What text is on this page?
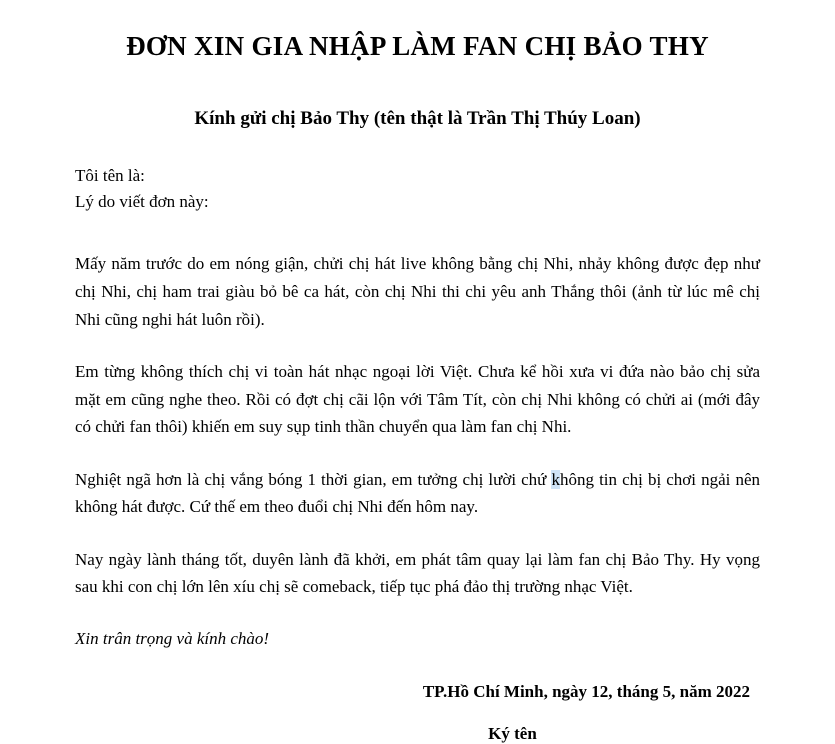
ĐƠN XIN GIA NHẬP LÀM FAN CHỊ BẢO THY
Kính gửi chị Bảo Thy (tên thật là Trần Thị Thúy Loan)

Tôi tên là:

Lý do viết đơn này:

Mấy năm trước do em nóng giận, chửi chị hát live không bằng chị Nhi, nhảy không được đẹp như chị Nhi, chị ham trai giàu bỏ bê ca hát, còn chị Nhi thi chi yêu anh Thắng thôi (ảnh từ lúc mê chị Nhi cũng nghi hát luôn rồi).

Em từng không thích chị vi toàn hát nhạc ngoại lời Việt. Chưa kể hồi xưa vi đứa nào bảo chị sửa mặt em cũng nghe theo. Rồi có đợt chị cãi lộn với Tâm Tít, còn chị Nhi không có chửi ai (mới đây có chửi fan thôi) khiến em suy sụp tinh thần chuyển qua làm fan chị Nhi.

Nghiệt ngã hơn là chị vắng bóng 1 thời gian, em tưởng chị lười chứ không tin chị bị chơi ngải nên không hát được. Cứ thế em theo đuổi chị Nhi đến hôm nay.

Nay ngày lành tháng tốt, duyên lành đã khởi, em phát tâm quay lại làm fan chị Bảo Thy. Hy vọng sau khi con chị lớn lên xíu chị sẽ comeback, tiếp tục phá đảo thị trường nhạc Việt.

Xin trân trọng và kính chào!

TP.Hồ Chí Minh, ngày 12, tháng 5, năm 2022

Ký tên
